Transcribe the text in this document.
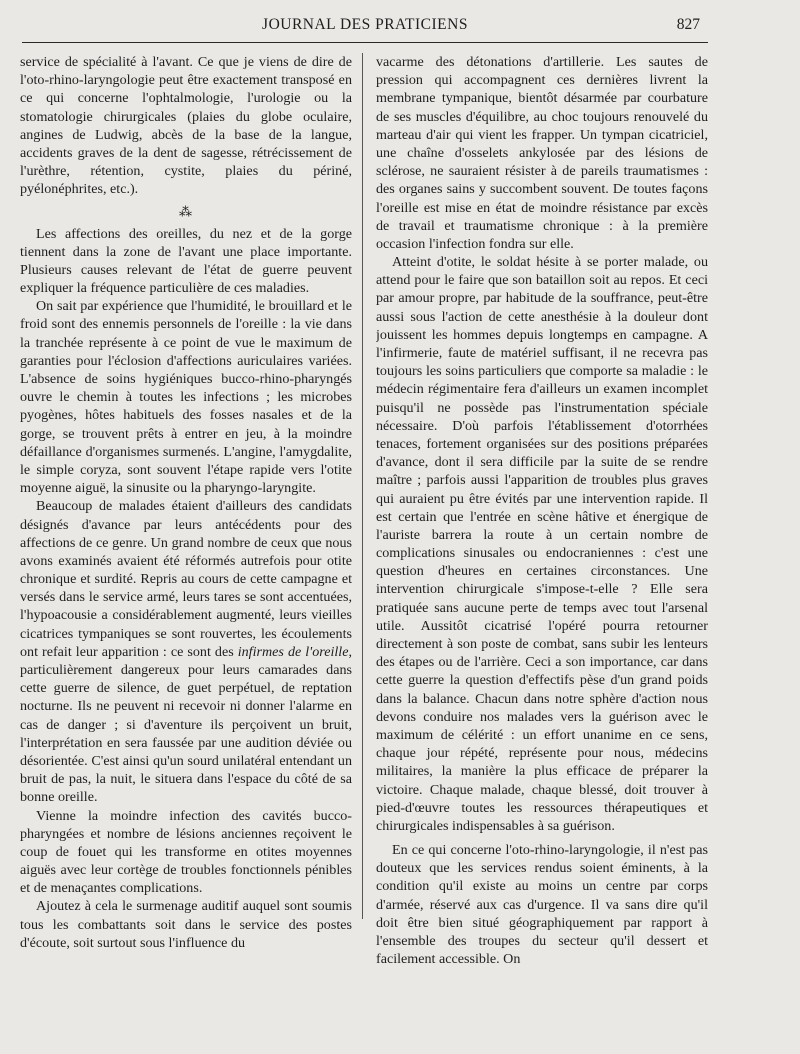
JOURNAL DES PRATICIENS	827

service de spécialité à l'avant. Ce que je viens de dire de l'oto-rhino-laryngologie peut être exactement transposé en ce qui concerne l'ophtalmologie, l'urologie ou la stomatologie chirurgicales (plaies du globe oculaire, angines de Ludwig, abcès de la base de la langue, accidents graves de la dent de sagesse, rétrécissement de l'urèthre, rétention, cystite, plaies du périné, pyélonéphrites, etc.).

⁂

Les affections des oreilles, du nez et de la gorge tiennent dans la zone de l'avant une place importante. Plusieurs causes relevant de l'état de guerre peuvent expliquer la fréquence particulière de ces maladies.

On sait par expérience que l'humidité, le brouillard et le froid sont des ennemis personnels de l'oreille : la vie dans la tranchée représente à ce point de vue le maximum de garanties pour l'éclosion d'affections auriculaires variées. L'absence de soins hygiéniques bucco-rhino-pharyngés ouvre le chemin à toutes les infections ; les microbes pyogènes, hôtes habituels des fosses nasales et de la gorge, se trouvent prêts à entrer en jeu, à la moindre défaillance d'organismes surmenés. L'angine, l'amygdalite, le simple coryza, sont souvent l'étape rapide vers l'otite moyenne aiguë, la sinusite ou la pharyngo-laryngite.

Beaucoup de malades étaient d'ailleurs des candidats désignés d'avance par leurs antécédents pour des affections de ce genre. Un grand nombre de ceux que nous avons examinés avaient été réformés autrefois pour otite chronique et surdité. Repris au cours de cette campagne et versés dans le service armé, leurs tares se sont accentuées, l'hypoacousie a considérablement augmenté, leurs vieilles cicatrices tympaniques se sont rouvertes, les écoulements ont refait leur apparition : ce sont des infirmes de l'oreille, particulièrement dangereux pour leurs camarades dans cette guerre de silence, de guet perpétuel, de reptation nocturne. Ils ne peuvent ni recevoir ni donner l'alarme en cas de danger ; si d'aventure ils perçoivent un bruit, l'interprétation en sera faussée par une audition déviée ou désorientée. C'est ainsi qu'un sourd unilatéral entendant un bruit de pas, la nuit, le situera dans l'espace du côté de sa bonne oreille.

Vienne la moindre infection des cavités bucco-pharyngées et nombre de lésions anciennes reçoivent le coup de fouet qui les transforme en otites moyennes aiguës avec leur cortège de troubles fonctionnels pénibles et de menaçantes complications.

Ajoutez à cela le surmenage auditif auquel sont soumis tous les combattants soit dans le service des postes d'écoute, soit surtout sous l'influence du

vacarme des détonations d'artillerie. Les sautes de pression qui accompagnent ces dernières livrent la membrane tympanique, bientôt désarmée par courbature de ses muscles d'équilibre, au choc toujours renouvelé du marteau d'air qui vient les frapper. Un tympan cicatriciel, une chaîne d'osselets ankylosée par des lésions de sclérose, ne sauraient résister à de pareils traumatismes : des organes sains y succombent souvent. De toutes façons l'oreille est mise en état de moindre résistance par excès de travail et traumatisme chronique : à la première occasion l'infection fondra sur elle.

Atteint d'otite, le soldat hésite à se porter malade, ou attend pour le faire que son bataillon soit au repos. Et ceci par amour propre, par habitude de la souffrance, peut-être aussi sous l'action de cette anesthésie à la douleur dont jouissent les hommes depuis longtemps en campagne. A l'infirmerie, faute de matériel suffisant, il ne recevra pas toujours les soins particuliers que comporte sa maladie : le médecin régimentaire fera d'ailleurs un examen incomplet puisqu'il ne possède pas l'instrumentation spéciale nécessaire. D'où parfois l'établissement d'otorrhées tenaces, fortement organisées sur des positions préparées d'avance, dont il sera difficile par la suite de se rendre maître ; parfois aussi l'apparition de troubles plus graves qui auraient pu être évités par une intervention rapide. Il est certain que l'entrée en scène hâtive et énergique de l'auriste barrera la route à un certain nombre de complications sinusales ou endocraniennes : c'est une question d'heures en certaines circonstances. Une intervention chirurgicale s'impose-t-elle ? Elle sera pratiquée sans aucune perte de temps avec tout l'arsenal utile. Aussitôt cicatrisé l'opéré pourra retourner directement à son poste de combat, sans subir les lenteurs des étapes ou de l'arrière. Ceci a son importance, car dans cette guerre la question d'effectifs pèse d'un grand poids dans la balance. Chacun dans notre sphère d'action nous devons conduire nos malades vers la guérison avec le maximum de célérité : un effort unanime en ce sens, chaque jour répété, représente pour nous, médecins militaires, la manière la plus efficace de préparer la victoire. Chaque malade, chaque blessé, doit trouver à pied-d'œuvre toutes les ressources thérapeutiques et chirurgicales indispensables à sa guérison.

En ce qui concerne l'oto-rhino-laryngologie, il n'est pas douteux que les services rendus soient éminents, à la condition qu'il existe au moins un centre par corps d'armée, réservé aux cas d'urgence. Il va sans dire qu'il doit être bien situé géographiquement par rapport à l'ensemble des troupes du secteur qu'il dessert et facilement accessible. On
